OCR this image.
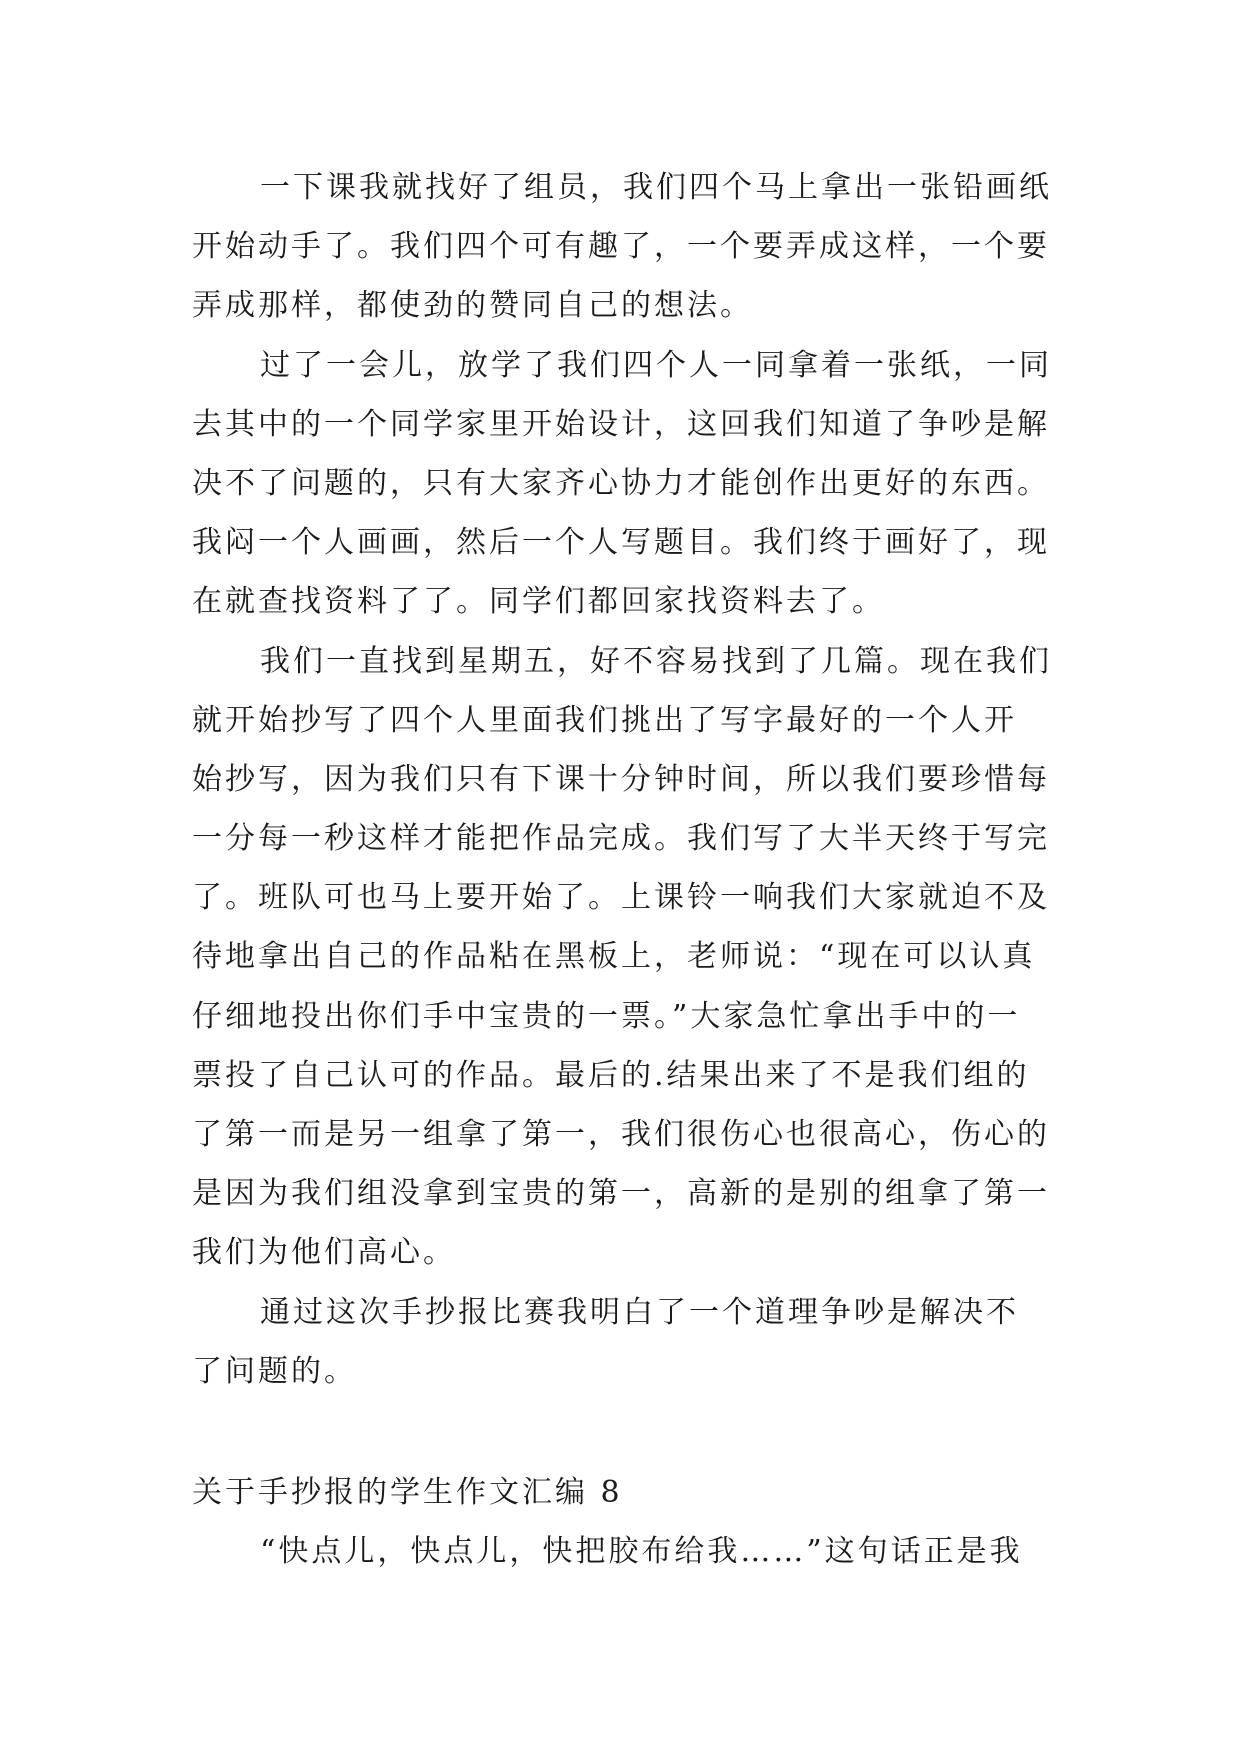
一下课我就找好了组员，我们四个马上拿出一张铅画纸
开始动手了。我们四个可有趣了，一个要弄成这样，一个要
弄成那样，都使劲的赞同自己的想法。
过了一会儿，放学了我们四个人一同拿着一张纸，一同
去其中的一个同学家里开始设计，这回我们知道了争吵是解
决不了问题的，只有大家齐心协力才能创作出更好的东西。
我闷一个人画画，然后一个人写题目。我们终于画好了，现
在就查找资料了了。同学们都回家找资料去了。
我们一直找到星期五，好不容易找到了几篇。现在我们
就开始抄写了四个人里面我们挑出了写字最好的一个人开
始抄写，因为我们只有下课十分钟时间，所以我们要珍惜每
一分每一秒这样才能把作品完成。我们写了大半天终于写完
了。班队可也马上要开始了。上课铃一响我们大家就迫不及
待地拿出自己的作品粘在黑板上，老师说：“现在可以认真
仔细地投出你们手中宝贵的一票。”大家急忙拿出手中的一
票投了自己认可的作品。最后的.结果出来了不是我们组的
了第一而是另一组拿了第一，我们很伤心也很高心，伤心的
是因为我们组没拿到宝贵的第一，高新的是别的组拿了第一
我们为他们高心。
通过这次手抄报比赛我明白了一个道理争吵是解决不
了问题的。
关于手抄报的学生作文汇编 8
“快点儿，快点儿，快把胶布给我……”这句话正是我
